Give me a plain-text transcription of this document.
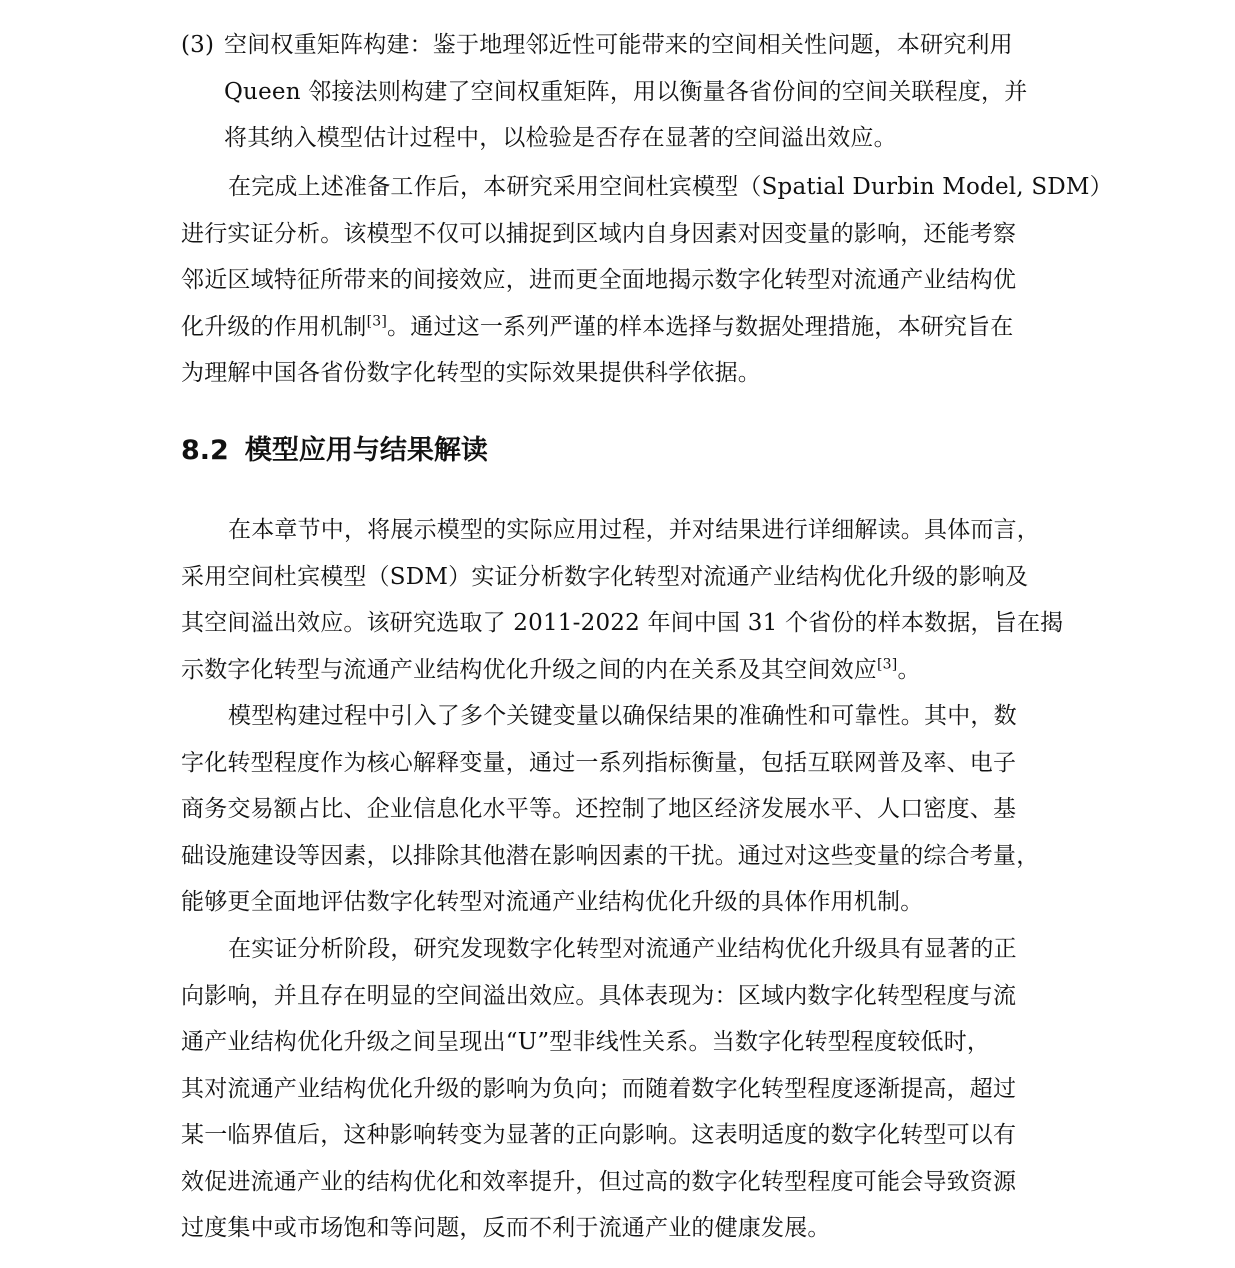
(3) 空间权重矩阵构建：鉴于地理邻近性可能带来的空间相关性问题，本研究利用
Queen 邻接法则构建了空间权重矩阵，用以衡量各省份间的空间关联程度，并
将其纳入模型估计过程中，以检验是否存在显著的空间溢出效应。
在完成上述准备工作后，本研究采用空间杜宾模型（Spatial Durbin Model, SDM）
进行实证分析。该模型不仅可以捕捉到区域内自身因素对因变量的影响，还能考察
邻近区域特征所带来的间接效应，进而更全面地揭示数字化转型对流通产业结构优
化升级的作用机制[3]。通过这一系列严谨的样本选择与数据处理措施，本研究旨在
为理解中国各省份数字化转型的实际效果提供科学依据。
8.2 模型应用与结果解读
在本章节中，将展示模型的实际应用过程，并对结果进行详细解读。具体而言，
采用空间杜宾模型（SDM）实证分析数字化转型对流通产业结构优化升级的影响及
其空间溢出效应。该研究选取了 2011-2022 年间中国 31 个省份的样本数据，旨在揭
示数字化转型与流通产业结构优化升级之间的内在关系及其空间效应[3]。
模型构建过程中引入了多个关键变量以确保结果的准确性和可靠性。其中，数
字化转型程度作为核心解释变量，通过一系列指标衡量，包括互联网普及率、电子
商务交易额占比、企业信息化水平等。还控制了地区经济发展水平、人口密度、基
础设施建设等因素，以排除其他潜在影响因素的干扰。通过对这些变量的综合考量，
能够更全面地评估数字化转型对流通产业结构优化升级的具体作用机制。
在实证分析阶段，研究发现数字化转型对流通产业结构优化升级具有显著的正
向影响，并且存在明显的空间溢出效应。具体表现为：区域内数字化转型程度与流
通产业结构优化升级之间呈现出“U”型非线性关系。当数字化转型程度较低时，
其对流通产业结构优化升级的影响为负向；而随着数字化转型程度逐渐提高，超过
某一临界值后，这种影响转变为显著的正向影响。这表明适度的数字化转型可以有
效促进流通产业的结构优化和效率提升，但过高的数字化转型程度可能会导致资源
过度集中或市场饱和等问题，反而不利于流通产业的健康发展。
